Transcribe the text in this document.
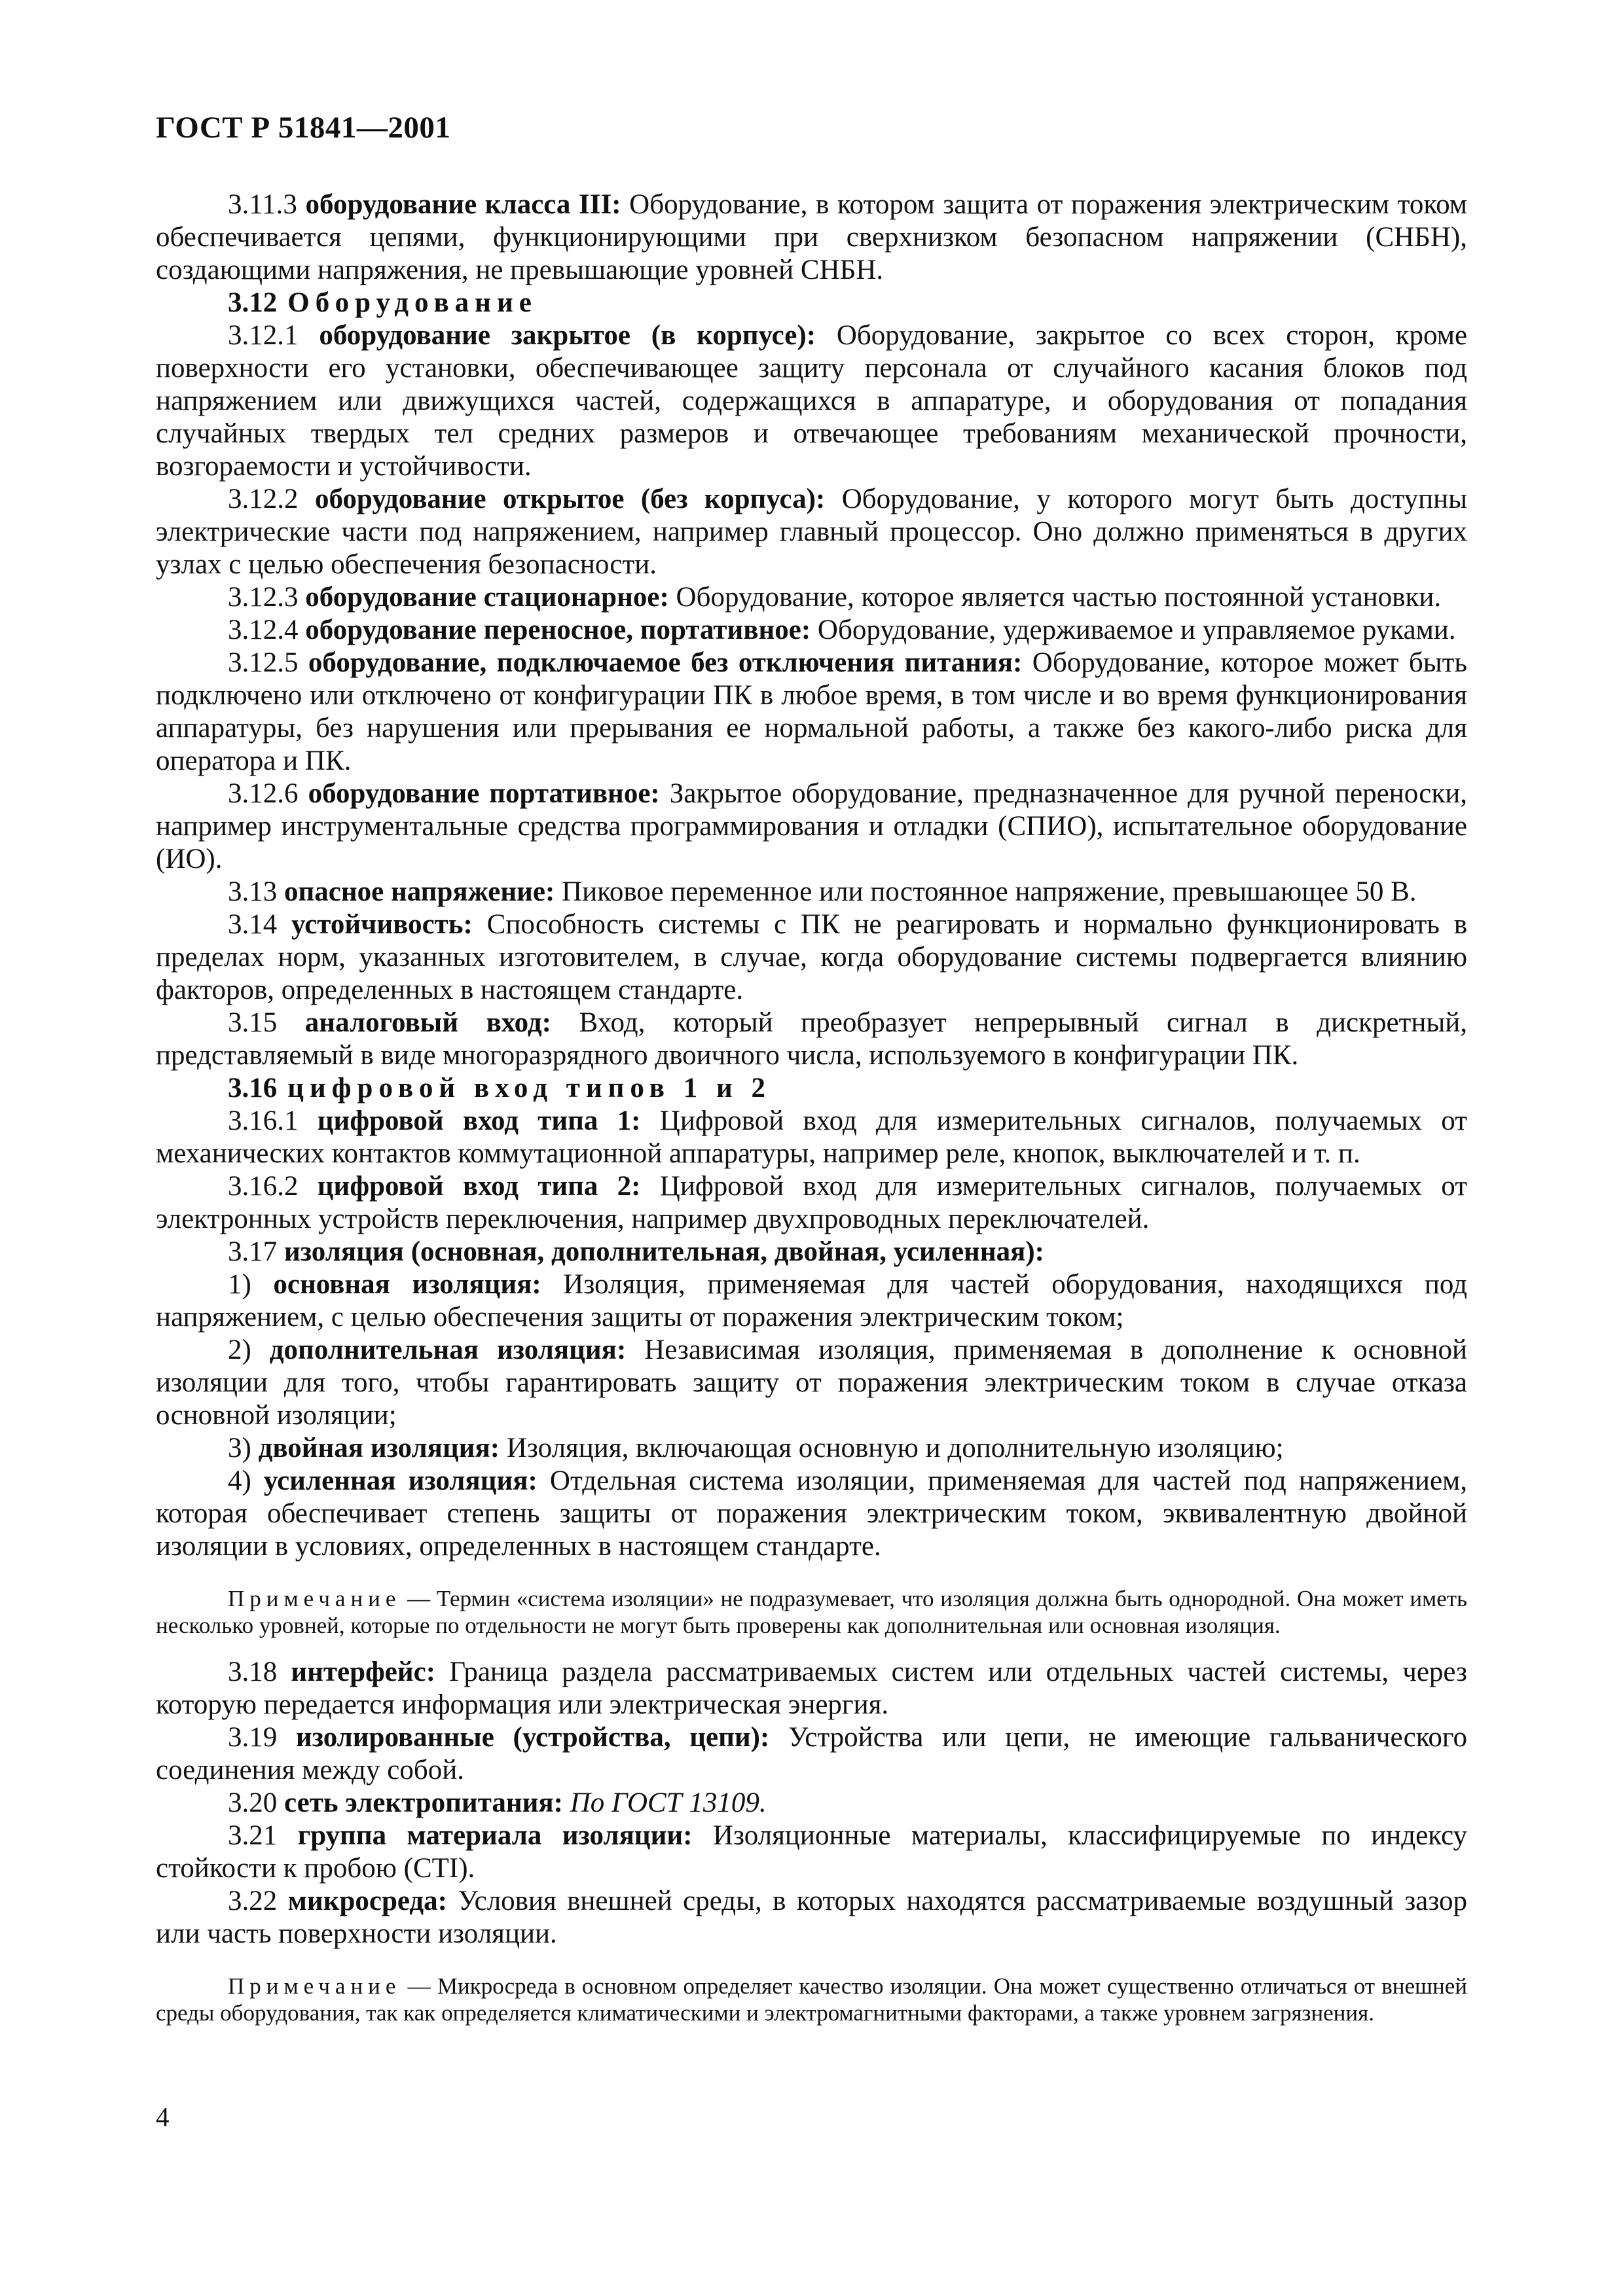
ГОСТ Р 51841—2001

3.11.3 оборудование класса III: Оборудование, в котором защита от поражения электрическим током обеспечивается цепями, функционирующими при сверхнизком безопасном напряжении (СНБН), создающими напряжения, не превышающие уровней СНБН.

3.12 Оборудование

3.12.1 оборудование закрытое (в корпусе): Оборудование, закрытое со всех сторон, кроме поверхности его установки, обеспечивающее защиту персонала от случайного касания блоков под напряжением или движущихся частей, содержащихся в аппаратуре, и оборудования от попадания случайных твердых тел средних размеров и отвечающее требованиям механической прочности, возгораемости и устойчивости.

3.12.2 оборудование открытое (без корпуса): Оборудование, у которого могут быть доступны электрические части под напряжением, например главный процессор. Оно должно применяться в других узлах с целью обеспечения безопасности.

3.12.3 оборудование стационарное: Оборудование, которое является частью постоянной установки.

3.12.4 оборудование переносное, портативное: Оборудование, удерживаемое и управляемое руками.

3.12.5 оборудование, подключаемое без отключения питания: Оборудование, которое может быть подключено или отключено от конфигурации ПК в любое время, в том числе и во время функционирования аппаратуры, без нарушения или прерывания ее нормальной работы, а также без какого-либо риска для оператора и ПК.

3.12.6 оборудование портативное: Закрытое оборудование, предназначенное для ручной переноски, например инструментальные средства программирования и отладки (СПИО), испытательное оборудование (ИО).

3.13 опасное напряжение: Пиковое переменное или постоянное напряжение, превышающее 50 В.

3.14 устойчивость: Способность системы с ПК не реагировать и нормально функционировать в пределах норм, указанных изготовителем, в случае, когда оборудование системы подвергается влиянию факторов, определенных в настоящем стандарте.

3.15 аналоговый вход: Вход, который преобразует непрерывный сигнал в дискретный, представляемый в виде многоразрядного двоичного числа, используемого в конфигурации ПК.

3.16 цифровой вход типов 1 и 2

3.16.1 цифровой вход типа 1: Цифровой вход для измерительных сигналов, получаемых от механических контактов коммутационной аппаратуры, например реле, кнопок, выключателей и т. п.

3.16.2 цифровой вход типа 2: Цифровой вход для измерительных сигналов, получаемых от электронных устройств переключения, например двухпроводных переключателей.

3.17 изоляция (основная, дополнительная, двойная, усиленная):

1) основная изоляция: Изоляция, применяемая для частей оборудования, находящихся под напряжением, с целью обеспечения защиты от поражения электрическим током;

2) дополнительная изоляция: Независимая изоляция, применяемая в дополнение к основной изоляции для того, чтобы гарантировать защиту от поражения электрическим током в случае отказа основной изоляции;

3) двойная изоляция: Изоляция, включающая основную и дополнительную изоляцию;

4) усиленная изоляция: Отдельная система изоляции, применяемая для частей под напряжением, которая обеспечивает степень защиты от поражения электрическим током, эквивалентную двойной изоляции в условиях, определенных в настоящем стандарте.

Примечание — Термин «система изоляции» не подразумевает, что изоляция должна быть однородной. Она может иметь несколько уровней, которые по отдельности не могут быть проверены как дополнительная или основная изоляция.

3.18 интерфейс: Граница раздела рассматриваемых систем или отдельных частей системы, через которую передается информация или электрическая энергия.

3.19 изолированные (устройства, цепи): Устройства или цепи, не имеющие гальванического соединения между собой.

3.20 сеть электропитания: По ГОСТ 13109.

3.21 группа материала изоляции: Изоляционные материалы, классифицируемые по индексу стойкости к пробою (CTI).

3.22 микросреда: Условия внешней среды, в которых находятся рассматриваемые воздушный зазор или часть поверхности изоляции.

Примечание — Микросреда в основном определяет качество изоляции. Она может существенно отличаться от внешней среды оборудования, так как определяется климатическими и электромагнитными факторами, а также уровнем загрязнения.

4
